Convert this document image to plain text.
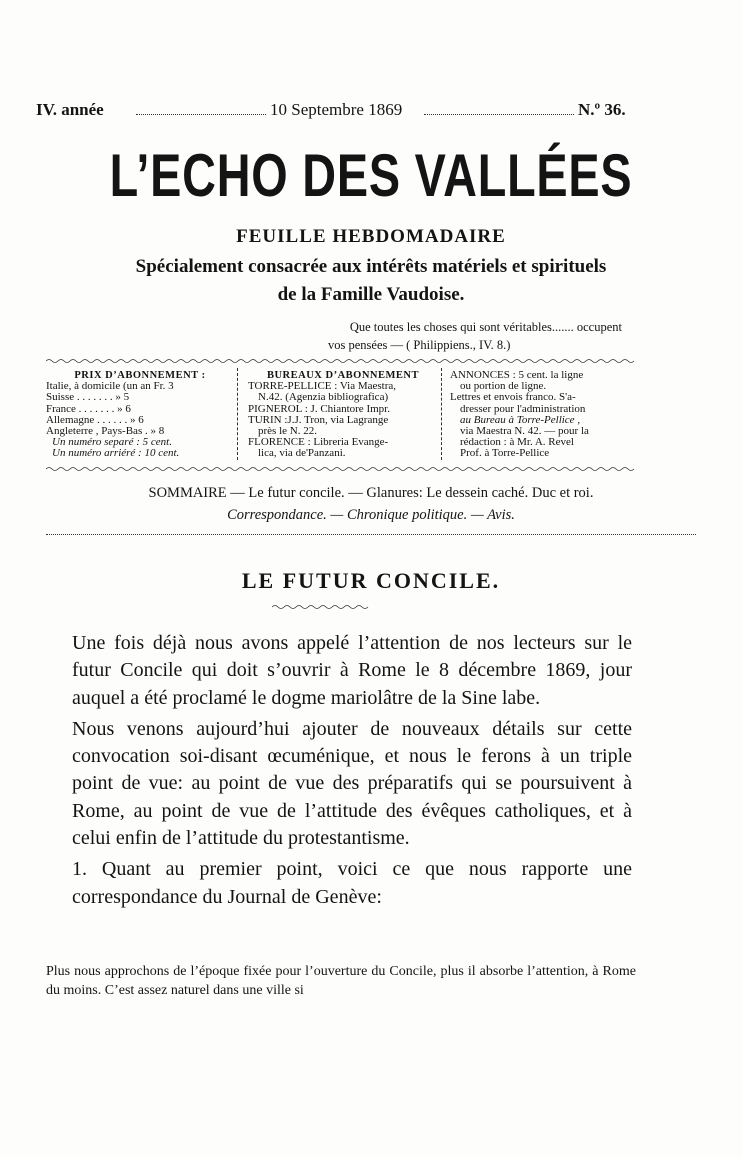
IV. année	10 Septembre 1869	N.º 36.
L’ECHO DES VALLÉES
FEUILLE HEBDOMADAIRE
Spécialement consacrée aux intérêts matériels et spirituels
de la Famille Vaudoise.
Que toutes les choses qui sont véritables....... occupent
vos pensées — ( Philippiens., IV. 8.)
PRIX D’ABONNEMENT :
Italie, à domicile (un an Fr. 3
Suisse . . . . . . . » 5
France . . . . . . . » 6
Allemagne . . . . . . » 6
Angleterre , Pays-Bas . » 8
Un numéro separé : 5 cent.
Un numéro arriéré : 10 cent.
BUREAUX D’ABONNEMENT
TORRE-PELLICE : Via Maestra,
N.42. (Agenzia bibliografica)
PIGNEROL : J. Chiantore Impr.
TURIN :J.J. Tron, via Lagrange
près le N. 22.
FLORENCE : Libreria Evange-
lica, via de'Panzani.
ANNONCES : 5 cent. la ligne
ou portion de ligne.
Lettres et envois franco. S'a-
dresser pour l'administration
au Bureau à Torre-Pellice ,
via Maestra N. 42. — pour la
rédaction : à Mr. A. Revel
Prof. à Torre-Pellice
SOMMAIRE — Le futur concile. — Glanures: Le dessein caché. Duc et roi.
Correspondance. — Chronique politique. — Avis.
LE FUTUR CONCILE.

Une fois déjà nous avons appelé l’attention de nos lecteurs sur le futur Concile qui doit s’ouvrir à Rome le 8 décembre 1869, jour auquel a été proclamé le dogme mariolâtre de la Sine labe.

Nous venons aujourd’hui ajouter de nouveaux détails sur cette convocation soi-disant œcuménique, et nous le ferons à un triple point de vue: au point de vue des préparatifs qui se poursuivent à Rome, au point de vue de l’attitude des évêques catholiques, et à celui enfin de l’attitude du protestantisme.

1. Quant au premier point, voici ce que nous rapporte une correspondance du Journal de Genève:

Plus nous approchons de l’époque fixée pour l’ouverture du Concile, plus il absorbe l’attention, à Rome du moins. C’est assez naturel dans une ville si
